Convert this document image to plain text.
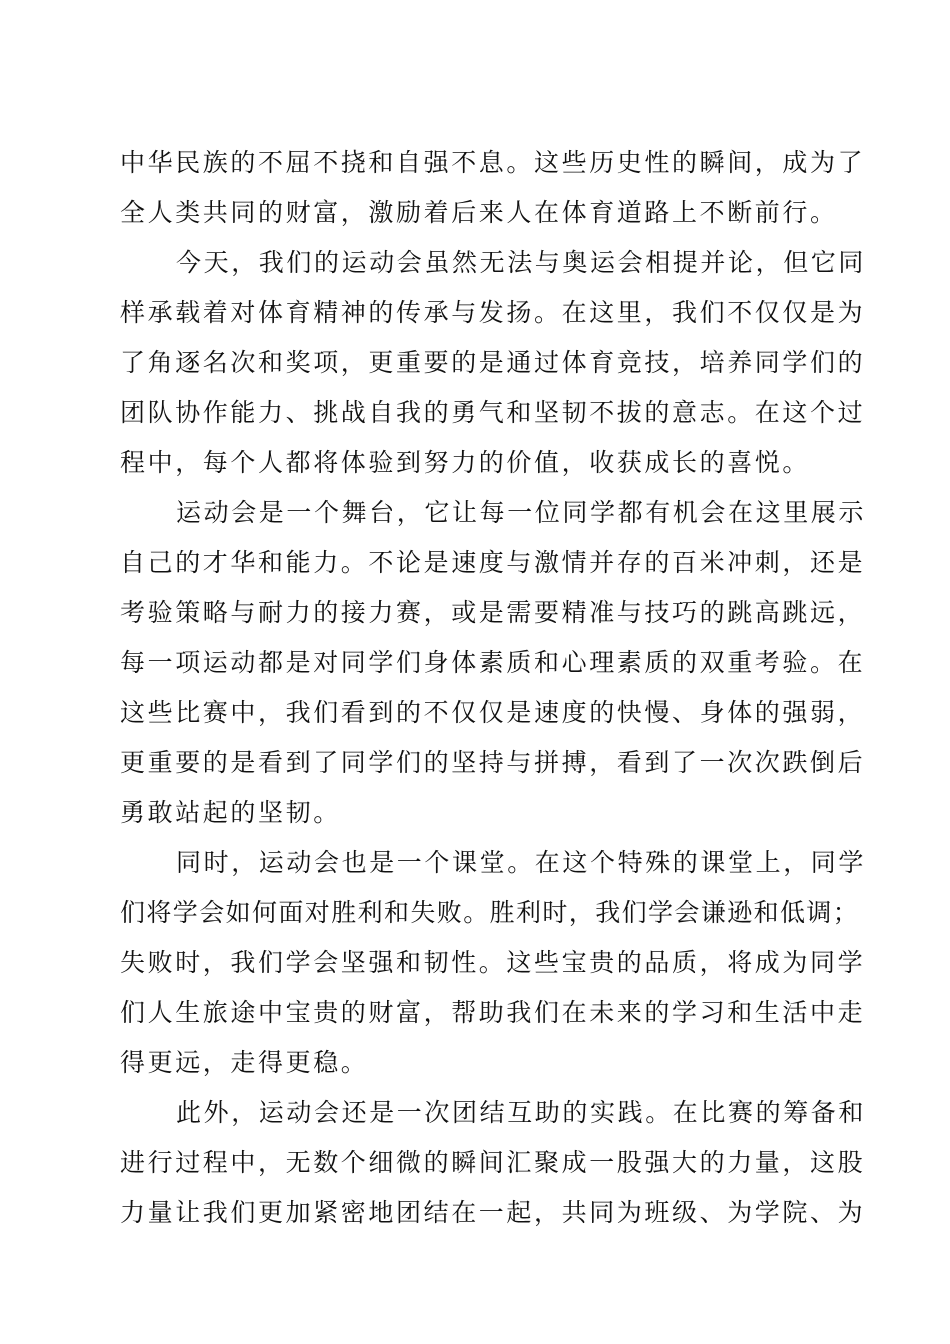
中华民族的不屈不挠和自强不息。这些历史性的瞬间，成为了
全人类共同的财富，激励着后来人在体育道路上不断前行。
今天，我们的运动会虽然无法与奥运会相提并论，但它同
样承载着对体育精神的传承与发扬。在这里，我们不仅仅是为
了角逐名次和奖项，更重要的是通过体育竞技，培养同学们的
团队协作能力、挑战自我的勇气和坚韧不拔的意志。在这个过
程中，每个人都将体验到努力的价值，收获成长的喜悦。
运动会是一个舞台，它让每一位同学都有机会在这里展示
自己的才华和能力。不论是速度与激情并存的百米冲刺，还是
考验策略与耐力的接力赛，或是需要精准与技巧的跳高跳远，
每一项运动都是对同学们身体素质和心理素质的双重考验。在
这些比赛中，我们看到的不仅仅是速度的快慢、身体的强弱，
更重要的是看到了同学们的坚持与拼搏，看到了一次次跌倒后
勇敢站起的坚韧。
同时，运动会也是一个课堂。在这个特殊的课堂上，同学
们将学会如何面对胜利和失败。胜利时，我们学会谦逊和低调；
失败时，我们学会坚强和韧性。这些宝贵的品质，将成为同学
们人生旅途中宝贵的财富，帮助我们在未来的学习和生活中走
得更远，走得更稳。
此外，运动会还是一次团结互助的实践。在比赛的筹备和
进行过程中，无数个细微的瞬间汇聚成一股强大的力量，这股
力量让我们更加紧密地团结在一起，共同为班级、为学院、为
